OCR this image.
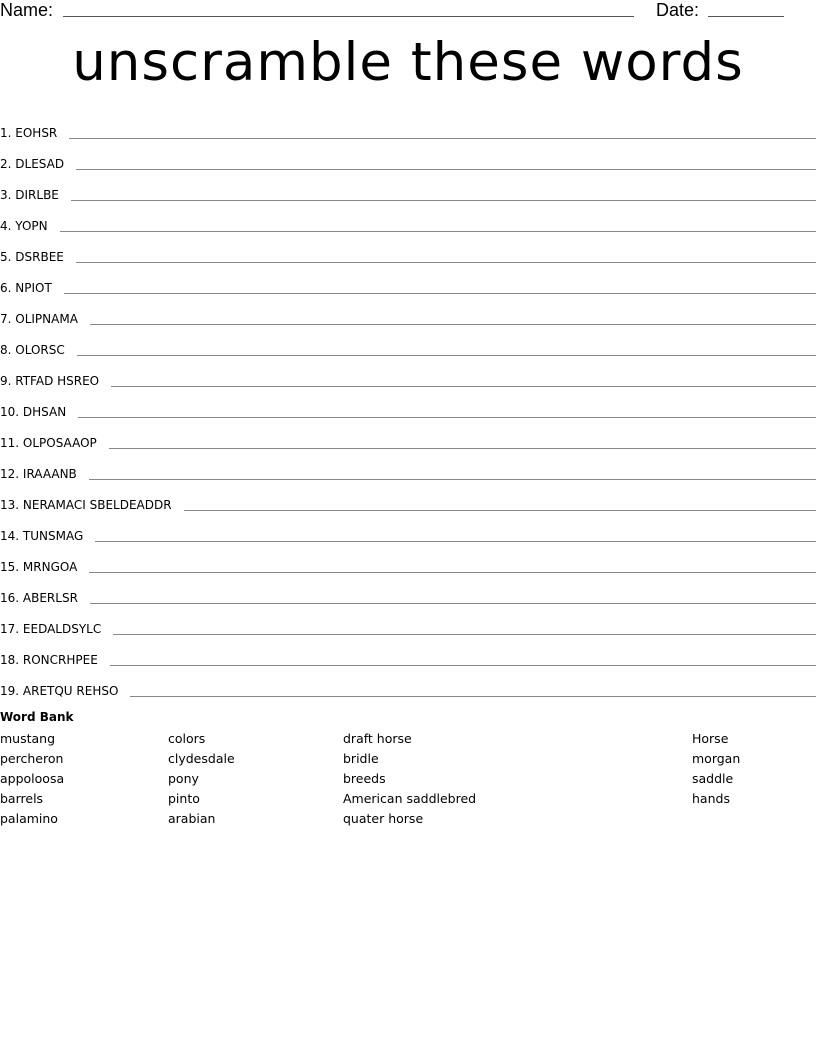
Name:	Date:
unscramble these words
1. EOHSR
2. DLESAD
3. DIRLBE
4. YOPN
5. DSRBEE
6. NPIOT
7. OLIPNAMA
8. OLORSC
9. RTFAD HSREO
10. DHSAN
11. OLPOSAAOP
12. IRAAANB
13. NERAMACI SBELDEADDR
14. TUNSMAG
15. MRNGOA
16. ABERLSR
17. EEDALDSYLC
18. RONCRHPEE
19. ARETQU REHSO
Word Bank
mustang
percheron
appoloosa
barrels
palamino
colors
clydesdale
pony
pinto
arabian
draft horse
bridle
breeds
American saddlebred
quater horse
Horse
morgan
saddle
hands
